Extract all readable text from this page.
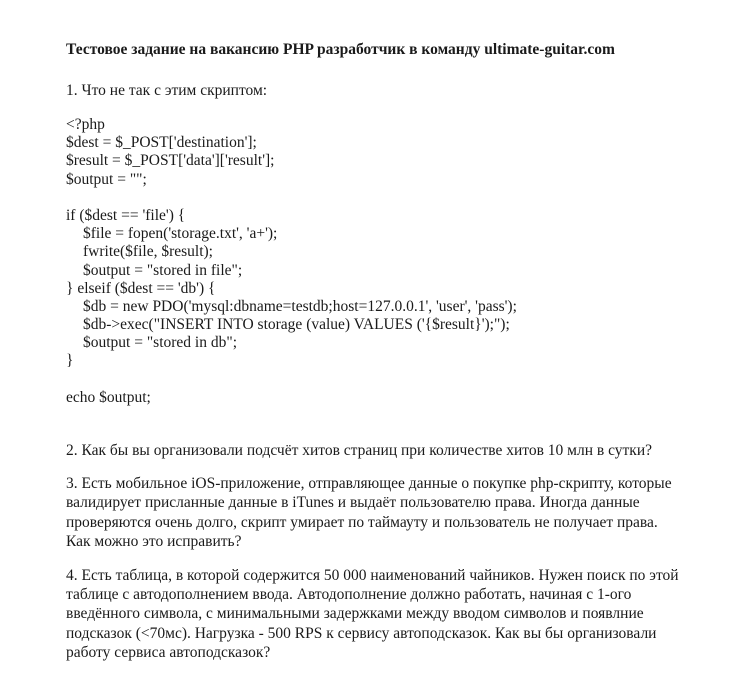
Тестовое задание на вакансию PHP разработчик в команду ultimate-guitar.com

1. Что не так с этим скриптом:

<?php
$dest = $_POST['destination'];
$result = $_POST['data']['result'];
$output = "";
if ($dest == 'file') {
$file = fopen('storage.txt', 'a+');
fwrite($file, $result);
$output = "stored in file";
} elseif ($dest == 'db') {
$db = new PDO('mysql:dbname=testdb;host=127.0.0.1', 'user', 'pass');
$db->exec("INSERT INTO storage (value) VALUES ('{$result}');");
$output = "stored in db";
}
echo $output;

2. Как бы вы организовали подсчёт хитов страниц при количестве хитов 10 млн в сутки?

3. Есть мобильное iOS-приложение, отправляющее данные о покупке php-скрипту, которые
валидирует присланные данные в iTunes и выдаёт пользователю права. Иногда данные
проверяются очень долго, скрипт умирает по таймауту и пользователь не получает права.
Как можно это исправить?
4. Есть таблица, в которой содержится 50 000 наименований чайников. Нужен поиск по этой
таблице с автодополнением ввода. Автодополнение должно работать, начиная с 1-ого
введённого символа, с минимальными задержками между вводом символов и появлние
подсказок (<70мс). Нагрузка - 500 RPS к сервису автоподсказок. Как вы бы организовали
работу сервиса автоподсказок?
